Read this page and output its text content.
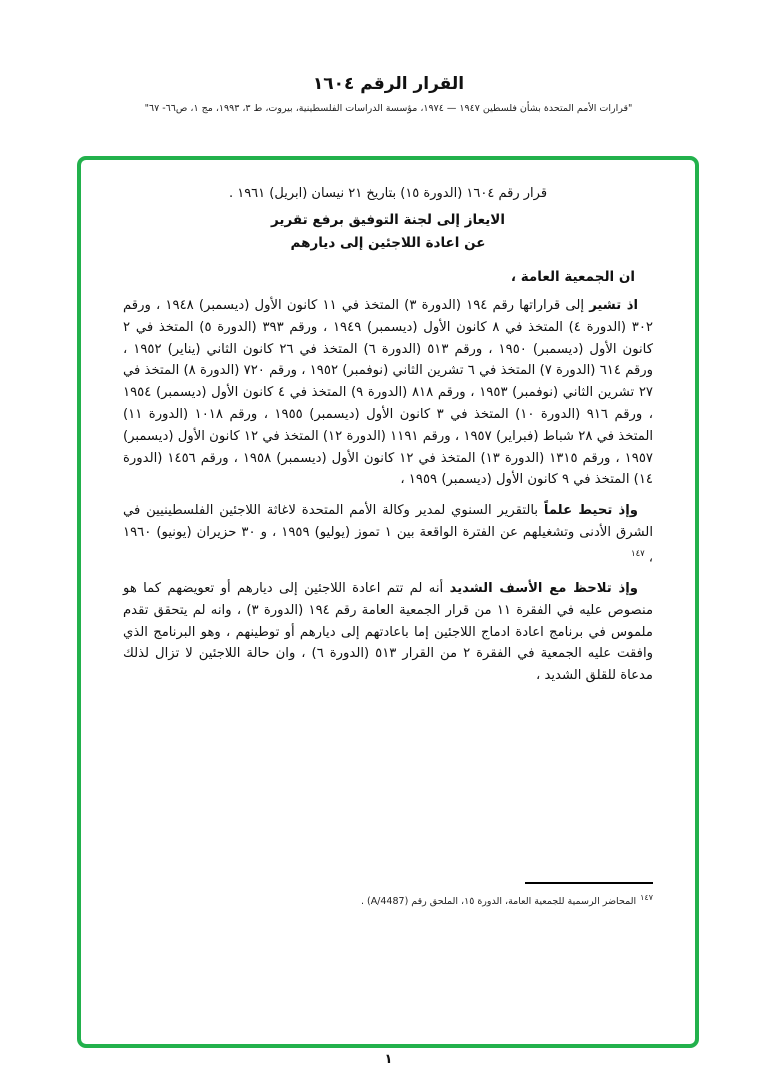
القرار الرقم ١٦٠٤
"قرارات الأمم المتحدة بشأن فلسطين ١٩٤٧ — ١٩٧٤، مؤسسة الدراسات الفلسطينية، بيروت، ط ٣، ١٩٩٣، مج ١، ص٦٦- ٦٧"
قرار رقم ١٦٠٤ (الدورة ١٥) بتاريخ ٢١ نيسان (ابريل) ١٩٦١ .
الايعاز إلى لجنة التوفيق برفع تقرير
عن اعادة اللاجئين إلى ديارهم
ان الجمعية العامة ،

اذ تشير إلى قراراتها رقم ١٩٤ (الدورة ٣) المتخذ في ١١ كانون الأول (ديسمبر) ١٩٤٨ ، ورقم ٣٠٢ (الدورة ٤) المتخذ في ٨ كانون الأول (ديسمبر) ١٩٤٩ ، ورقم ٣٩٣ (الدورة ٥) المتخذ في ٢ كانون الأول (ديسمبر) ١٩٥٠ ، ورقم ٥١٣ (الدورة ٦) المتخذ في ٢٦ كانون الثاني (يناير) ١٩٥٢ ، ورقم ٦١٤ (الدورة ٧) المتخذ في ٦ تشرين الثاني (نوفمبر) ١٩٥٢ ، ورقم ٧٢٠ (الدورة ٨) المتخذ في ٢٧ تشرين الثاني (نوفمبر) ١٩٥٣ ، ورقم ٨١٨ (الدورة ٩) المتخذ في ٤ كانون الأول (ديسمبر) ١٩٥٤ ، ورقم ٩١٦ (الدورة ١٠) المتخذ في ٣ كانون الأول (ديسمبر) ١٩٥٥ ، ورقم ١٠١٨ (الدورة ١١) المتخذ في ٢٨ شباط (فبراير) ١٩٥٧ ، ورقم ١١٩١ (الدورة ١٢) المتخذ في ١٢ كانون الأول (ديسمبر) ١٩٥٧ ، ورقم ١٣١٥ (الدورة ١٣) المتخذ في ١٢ كانون الأول (ديسمبر) ١٩٥٨ ، ورقم ١٤٥٦ (الدورة ١٤) المتخذ في ٩ كانون الأول (ديسمبر) ١٩٥٩ ،

وإذ تحيط علماً بالتقرير السنوي لمدير وكالة الأمم المتحدة لاغاثة اللاجئين الفلسطينيين في الشرق الأدنى وتشغيلهم عن الفترة الواقعة بين ١ تموز (يوليو) ١٩٥٩ ، و ٣٠ حزيران (يونيو) ١٩٦٠ ،$^{١٤٧}$

وإذ تلاحظ مع الأسف الشديد أنه لم تتم اعادة اللاجئين إلى ديارهم أو تعويضهم كما هو منصوص عليه في الفقرة ١١ من قرار الجمعية العامة رقم ١٩٤ (الدورة ٣) ، وانه لم يتحقق تقدم ملموس في برنامج اعادة ادماج اللاجئين إما باعادتهم إلى ديارهم أو توطينهم ، وهو البرنامج الذي وافقت عليه الجمعية في الفقرة ٢ من القرار ٥١٣ (الدورة ٦) ، وان حالة اللاجئين لا تزال لذلك مدعاة للقلق الشديد ،

$^{١٤٧}$المحاضر الرسمية للجمعية العامة، الدورة ١٥، الملحق رقم (A/4487) .
١
